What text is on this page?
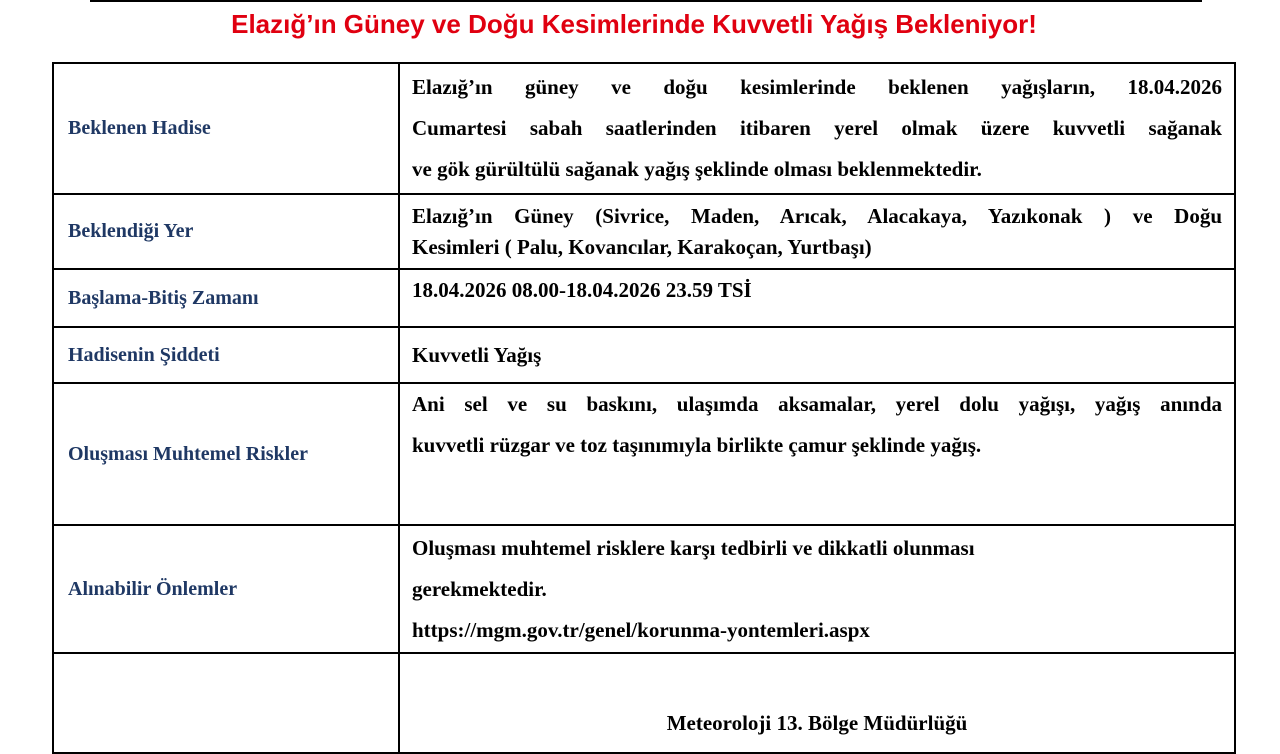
Elazığ’ın Güney ve Doğu Kesimlerinde Kuvvetli Yağış Bekleniyor!
Beklenen Hadise	Elazığ’ın güney ve doğu kesimlerinde beklenen yağışların, 18.04.2026
Cumartesi sabah saatlerinden itibaren yerel olmak üzere kuvvetli sağanak
ve gök gürültülü sağanak yağış şeklinde olması beklenmektedir.

Beklendiği Yer	Elazığ’ın Güney (Sivrice, Maden, Arıcak, Alacakaya, Yazıkonak ) ve Doğu
Kesimleri ( Palu, Kovancılar, Karakoçan, Yurtbaşı)

Başlama-Bitiş Zamanı	18.04.2026 08.00-18.04.2026 23.59 TSİ

Hadisenin Şiddeti	Kuvvetli Yağış

Oluşması Muhtemel Riskler	Ani sel ve su baskını, ulaşımda aksamalar, yerel dolu yağışı, yağış anında
kuvvetli rüzgar ve toz taşınımıyla birlikte çamur şeklinde yağış.

Alınabilir Önlemler	Oluşması muhtemel risklere karşı tedbirli ve dikkatli olunması
gerekmektedir.
https://mgm.gov.tr/genel/korunma-yontemleri.aspx

	Meteoroloji 13. Bölge Müdürlüğü
